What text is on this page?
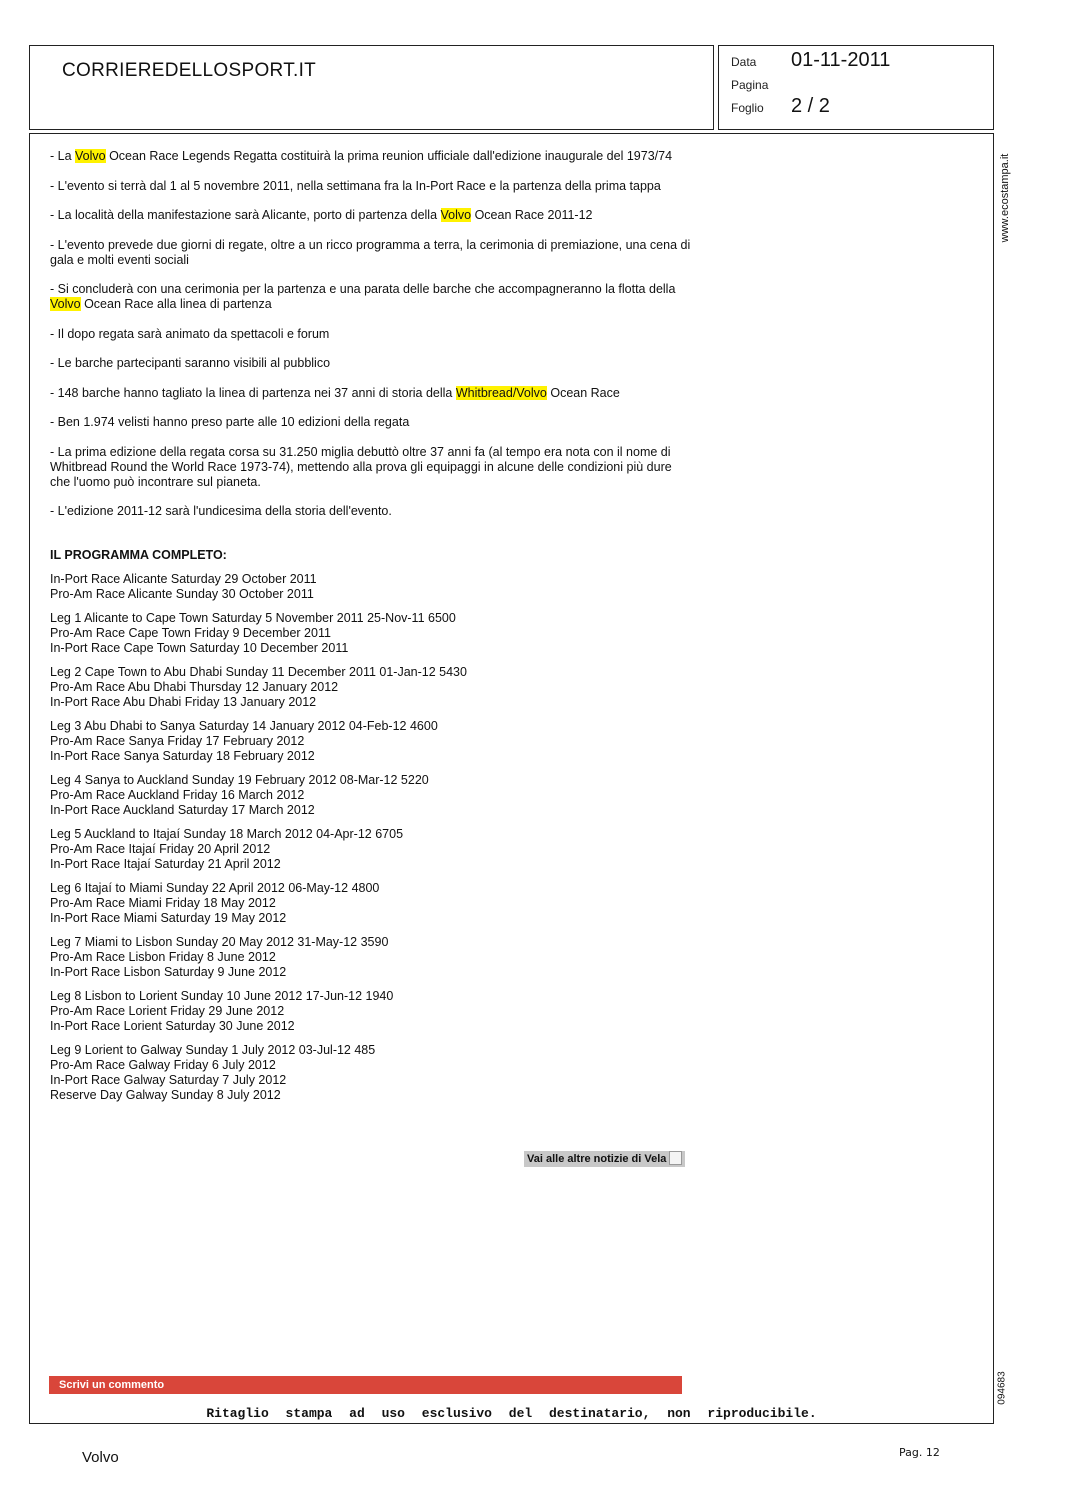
CORRIEREDELLOSPORT.IT	Data 01-11-2011
Pagina
Foglio 2 / 2
www.ecostampa.it
- La Volvo Ocean Race Legends Regatta costituirà la prima reunion ufficiale dall'edizione inaugurale del 1973/74
- L'evento si terrà dal 1 al 5 novembre 2011, nella settimana fra la In-Port Race e la partenza della prima tappa
- La località della manifestazione sarà Alicante, porto di partenza della Volvo Ocean Race 2011-12
- L'evento prevede due giorni di regate, oltre a un ricco programma a terra, la cerimonia di premiazione, una cena di gala e molti eventi sociali
- Si concluderà con una cerimonia per la partenza e una parata delle barche che accompagneranno la flotta della Volvo Ocean Race alla linea di partenza
- Il dopo regata sarà animato da spettacoli e forum
- Le barche partecipanti saranno visibili al pubblico
- 148 barche hanno tagliato la linea di partenza nei 37 anni di storia della Whitbread/Volvo Ocean Race
- Ben 1.974 velisti hanno preso parte alle 10 edizioni della regata
- La prima edizione della regata corsa su 31.250 miglia debuttò oltre 37 anni fa (al tempo era nota con il nome di Whitbread Round the World Race 1973-74), mettendo alla prova gli equipaggi in alcune delle condizioni più dure che l'uomo può incontrare sul pianeta.
- L'edizione 2011-12 sarà l'undicesima della storia dell'evento.
IL PROGRAMMA COMPLETO:
In-Port Race Alicante Saturday 29 October 2011
Pro-Am Race Alicante Sunday 30 October 2011
Leg 1 Alicante to Cape Town Saturday 5 November 2011 25-Nov-11 6500
Pro-Am Race Cape Town Friday 9 December 2011
In-Port Race Cape Town Saturday 10 December 2011
Leg 2 Cape Town to Abu Dhabi Sunday 11 December 2011 01-Jan-12 5430
Pro-Am Race Abu Dhabi Thursday 12 January 2012
In-Port Race Abu Dhabi Friday 13 January 2012
Leg 3 Abu Dhabi to Sanya Saturday 14 January 2012 04-Feb-12 4600
Pro-Am Race Sanya Friday 17 February 2012
In-Port Race Sanya Saturday 18 February 2012
Leg 4 Sanya to Auckland Sunday 19 February 2012 08-Mar-12 5220
Pro-Am Race Auckland Friday 16 March 2012
In-Port Race Auckland Saturday 17 March 2012
Leg 5 Auckland to Itajaí Sunday 18 March 2012 04-Apr-12 6705
Pro-Am Race Itajaí Friday 20 April 2012
In-Port Race Itajaí Saturday 21 April 2012
Leg 6 Itajaí to Miami Sunday 22 April 2012 06-May-12 4800
Pro-Am Race Miami Friday 18 May 2012
In-Port Race Miami Saturday 19 May 2012
Leg 7 Miami to Lisbon Sunday 20 May 2012 31-May-12 3590
Pro-Am Race Lisbon Friday 8 June 2012
In-Port Race Lisbon Saturday 9 June 2012
Leg 8 Lisbon to Lorient Sunday 10 June 2012 17-Jun-12 1940
Pro-Am Race Lorient Friday 29 June 2012
In-Port Race Lorient Saturday 30 June 2012
Leg 9 Lorient to Galway Sunday 1 July 2012 03-Jul-12 485
Pro-Am Race Galway Friday 6 July 2012
In-Port Race Galway Saturday 7 July 2012
Reserve Day Galway Sunday 8 July 2012
Vai alle altre notizie di Vela
Scrivi un commento
Ritaglio stampa ad uso esclusivo del destinatario, non riproducibile.
094683
Volvo	Pag. 12
